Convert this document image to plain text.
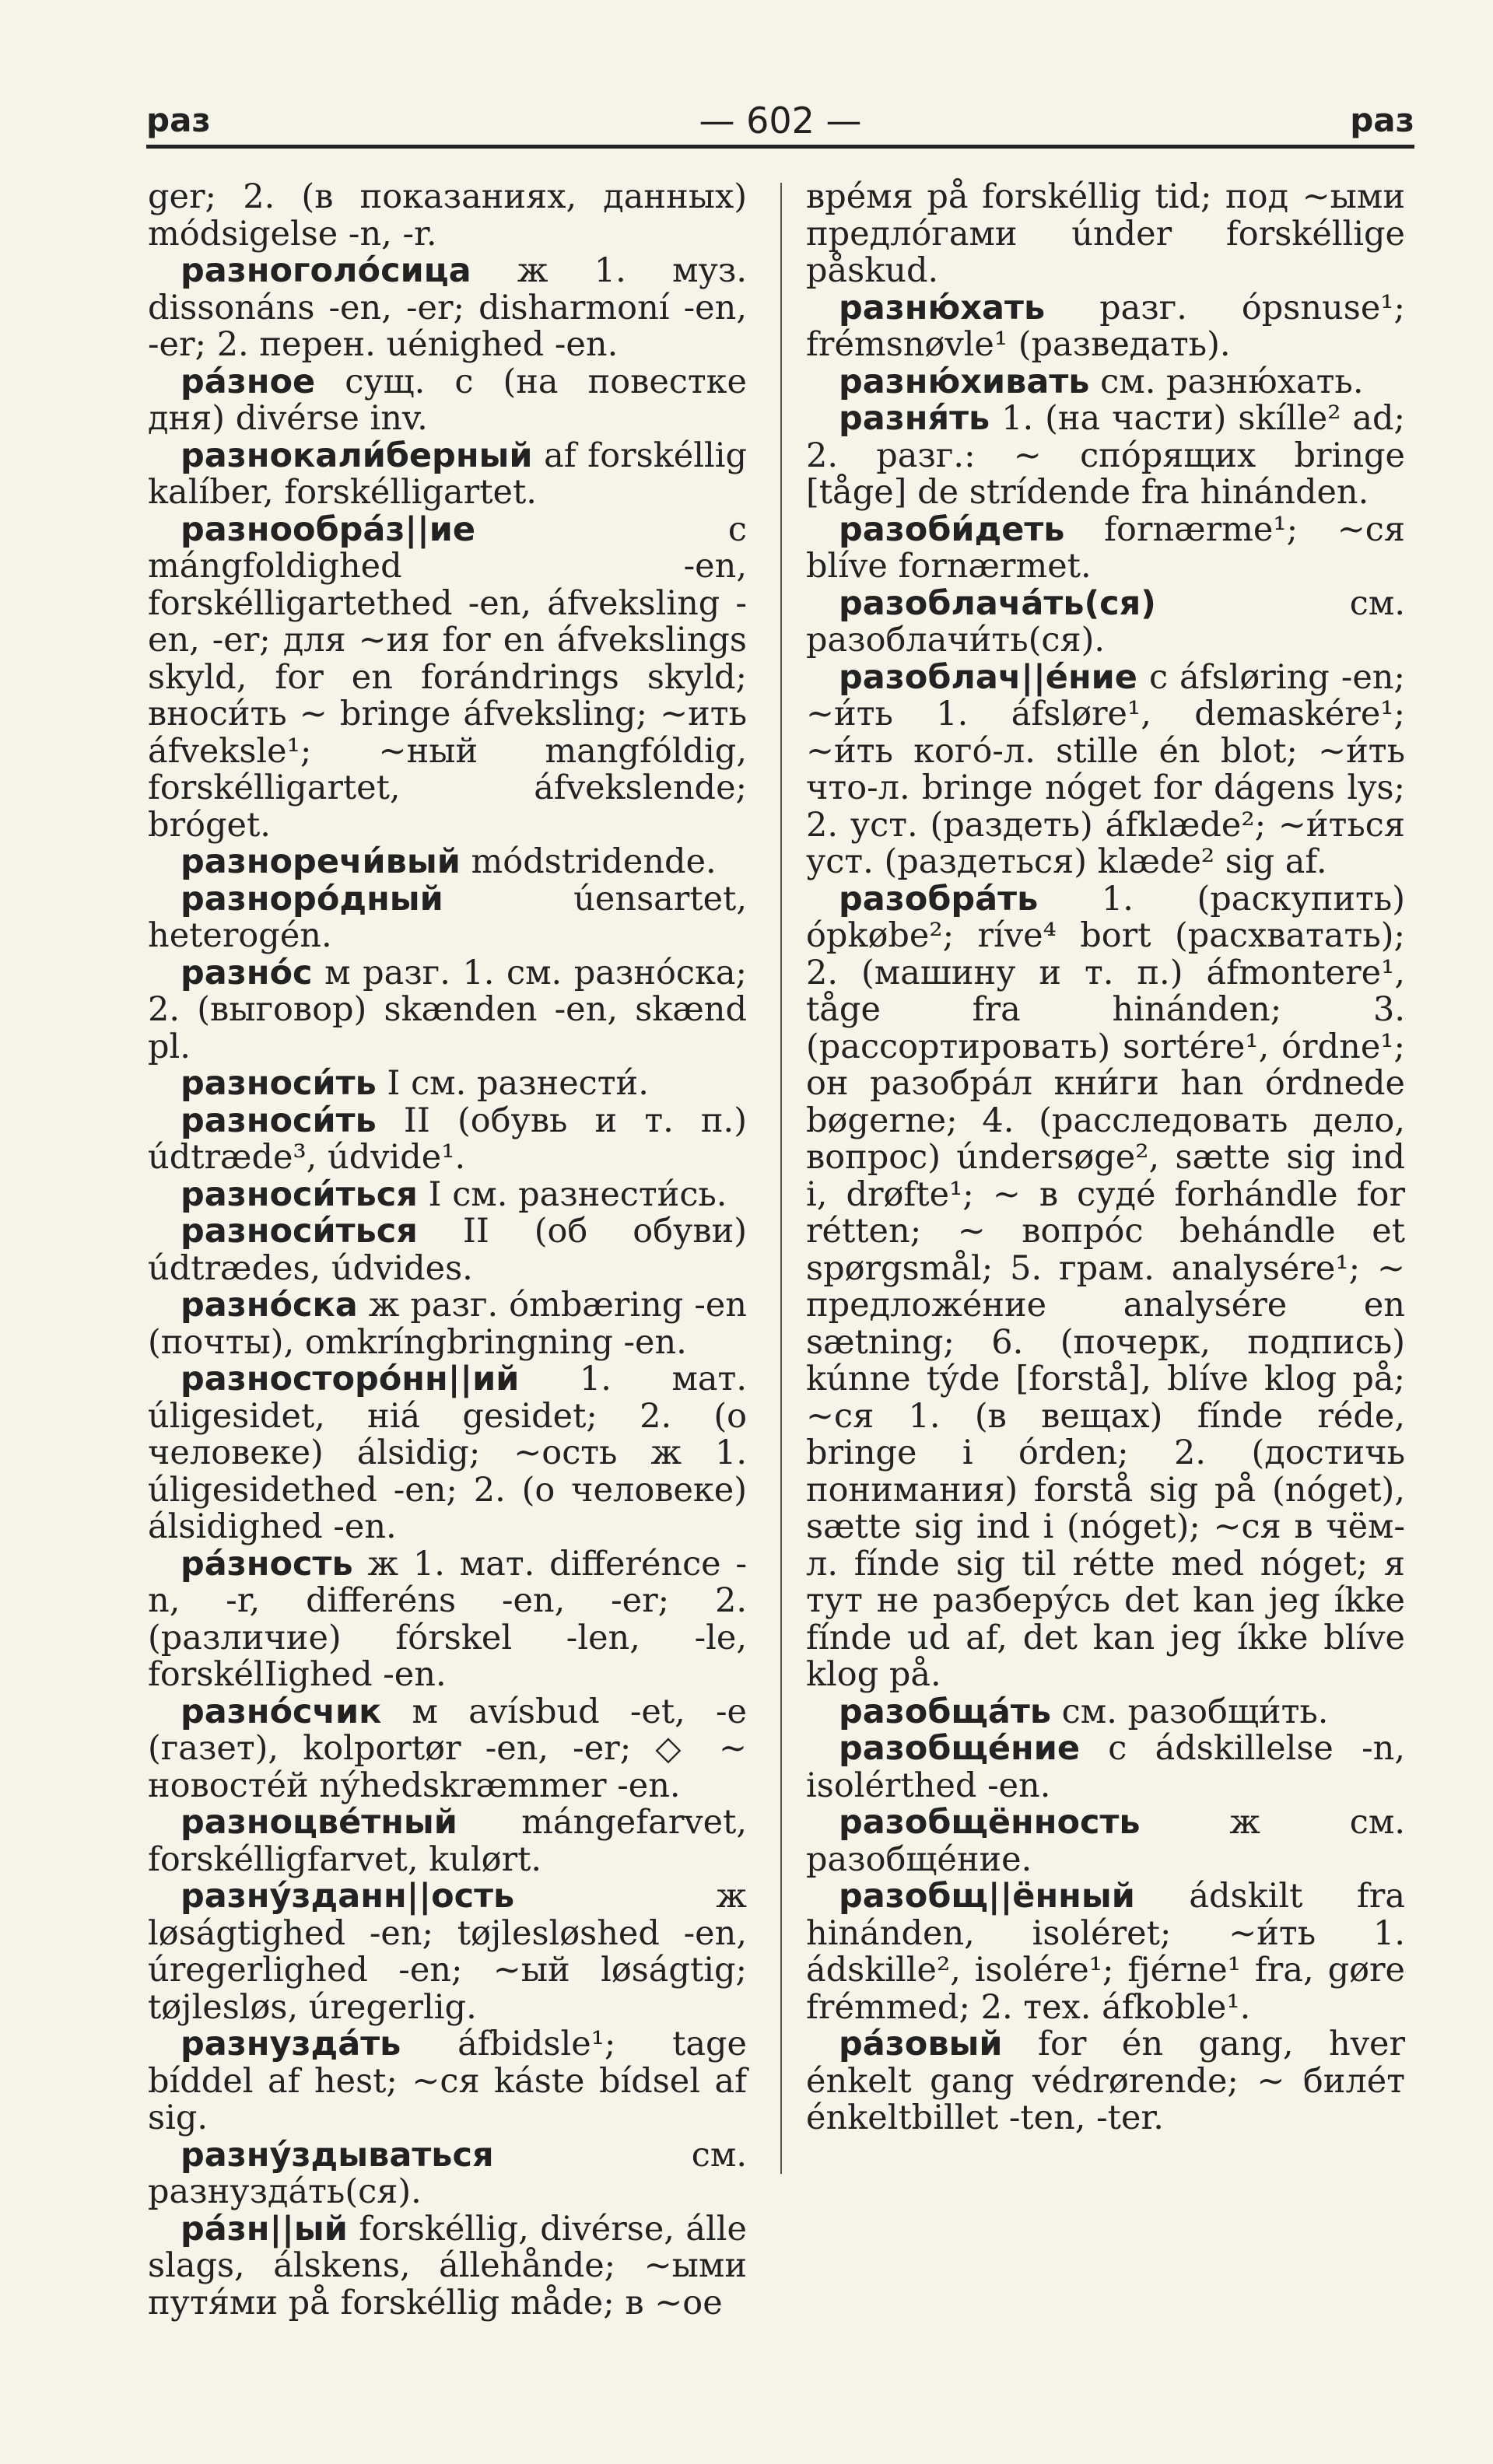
раз	— 602 —	раз
ger; 2. (в показаниях, данных) módsigelse -n, -r.
разноголо́сица ж 1. муз. dissonáns -en, -er; disharmoní -en, -er; 2. перен. uénighed -en.
ра́зное сущ. с (на повестке дня) divérse inv.
разнокали́берный af forskéllig kalíber, forskélligartet.
разнообра́з||ие с mángfoldighed -en, forskélligartethed -en, áfveksling -en, -er; для ~ия for en áfvekslings skyld, for en forándrings skyld; вноси́ть ~ bringe áfveksling; ~ить áfveksle¹; ~ный mangfóldig, forskélligartet, áfvekslende; bróget.
разноречи́вый módstridende.
разноро́дный úensartet, heterogén.
разно́с м разг. 1. см. разно́ска; 2. (выговор) skænden -en, skænd pl.
разноси́ть I см. разнести́.
разноси́ть II (обувь и т. п.) údtræde³, údvide¹.
разноси́ться I см. разнести́сь.
разноси́ться II (об обуви) údtrædes, údvides.
разно́ска ж разг. ómbæring -en (почты), omkríngbringning -en.
разносторо́нн||ий 1. мат. úligesidet, ніá gesidet; 2. (о человеке) álsidig; ~ость ж 1. úligesidethed -en; 2. (о человеке) álsidighed -en.
ра́зность ж 1. мат. differénce -n, -r, differéns -en, -er; 2. (различие) fórskel -len, -le, forskélIighed -en.
разно́счик м avísbud -et, -e (газет), kolportør -en, -er; ◇ ~ новосте́й nýhedskræmmer -en.
разноцве́тный mángefarvet, forskélligfarvet, kulørt.
разну́зданн||ость ж løságtighed -en; tøjlesløshed -en, úregerlighed -en; ~ый løságtig; tøjlesløs, úregerlig.
разнузда́ть áfbidsle¹; tage bíddel af hest; ~ся káste bídsel af sig.
разну́здываться см. разнузда́ть(ся).
ра́зн||ый forskéllig, divérse, álle slags, álskens, állehånde; ~ыми путя́ми på forskéllig måde; в ~ое
вре́мя på forskéllig tid; под ~ыми предло́гами únder forskéllige påskud.
разню́хать разг. ópsnuse¹; frémsnøvle¹ (разведать).
разню́хивать см. разню́хать.
разня́ть 1. (на части) skílle² ad; 2. разг.: ~ спо́рящих bringe [tåge] de strídende fra hinánden.
разоби́деть fornærme¹; ~ся blíve fornærmet.
разоблача́ть(ся) см. разоблачи́ть(ся).
разоблач||е́ние с áfsløring -en; ~и́ть 1. áfsløre¹, demaskére¹; ~и́ть кого́-л. stille én blot; ~и́ть что-л. bringe nóget for dágens lys; 2. уст. (раздеть) áfklæde²; ~и́ться уст. (раздеться) klæde² sig af.
разобра́ть 1. (раскупить) ópkøbe²; ríve⁴ bort (расхватать); 2. (машину и т. п.) áfmontere¹, tåge fra hinánden; 3. (рассортировать) sortére¹, órdne¹; он разобра́л кни́ги han órdnede bøgerne; 4. (расследовать дело, вопрос) úndersøge², sætte sig ind i, drøfte¹; ~ в суде́ forhándle for rétten; ~ вопро́с behándle et spørgsmål; 5. грам. analysére¹; ~ предложе́ние analysére en sætning; 6. (почерк, подпись) kúnne týde [forstå], blíve klog på; ~ся 1. (в вещах) fínde réde, bringe i órden; 2. (достичь понимания) forstå sig på (nóget), sætte sig ind i (nóget); ~ся в чём-л. fínde sig til rétte med nóget; я тут не разберу́сь det kan jeg íkke fínde ud af, det kan jeg íkke blíve klog på.
разобща́ть см. разобщи́ть.
разобще́ние с ádskillelse -n, isolérthed -en.
разобщённость ж см. разобще́ние.
разобщ||ённый ádskilt fra hinánden, isoléret; ~и́ть 1. ádskille², isolére¹; fjérne¹ fra, gøre frémmed; 2. тех. áfkoble¹.
ра́зовый for én gang, hver énkelt gang védrørende; ~ биле́т énkeltbillet -ten, -ter.
